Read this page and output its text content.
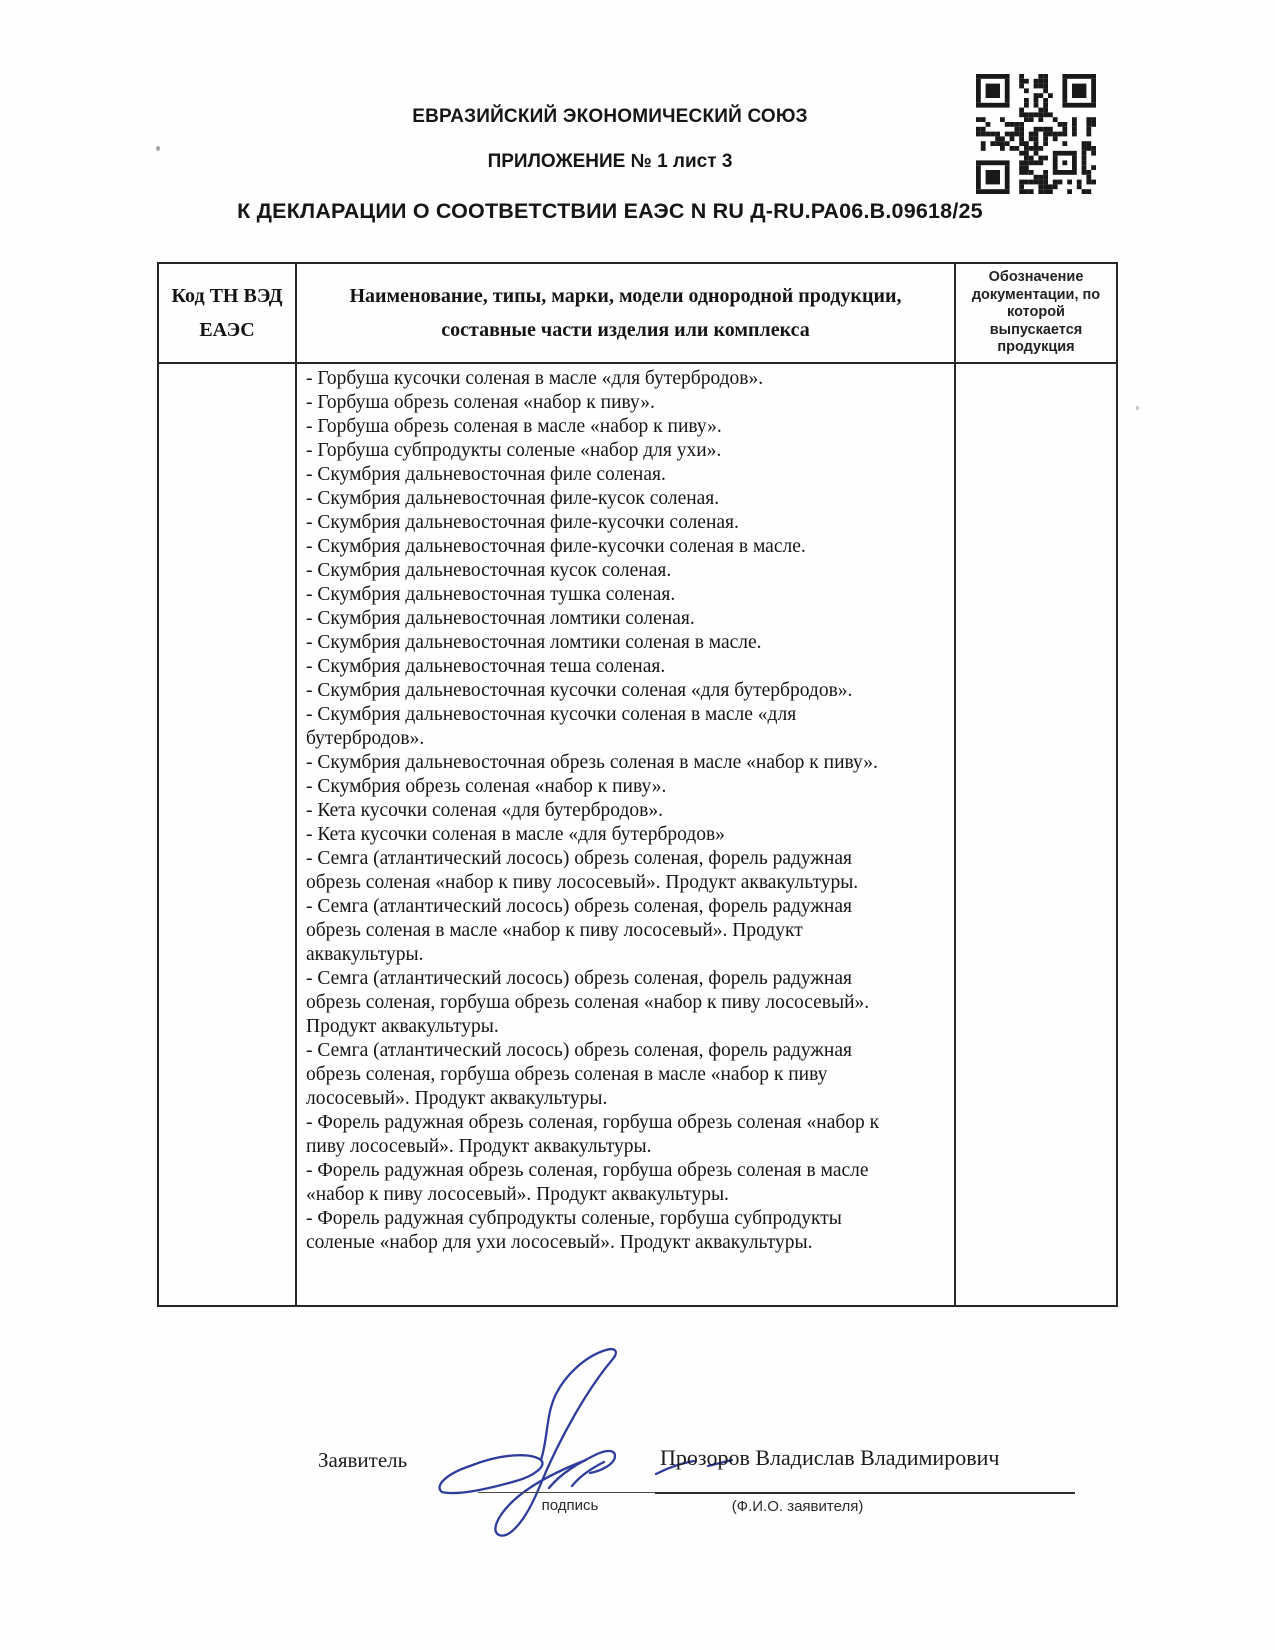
ЕВРАЗИЙСКИЙ ЭКОНОМИЧЕСКИЙ СОЮЗ
ПРИЛОЖЕНИЕ № 1 лист 3
К ДЕКЛАРАЦИИ О СООТВЕТСТВИИ ЕАЭС N RU Д-RU.РА06.В.09618/25
Код ТН ВЭД ЕАЭС
Наименование, типы, марки, модели однородной продукции, составные части изделия или комплекса
Обозначение документации, по которой выпускается продукция
- Горбуша кусочки соленая в масле «для бутербродов».
- Горбуша обрезь соленая «набор к пиву».
- Горбуша обрезь соленая в масле «набор к пиву».
- Горбуша субпродукты соленые «набор для ухи».
- Скумбрия дальневосточная филе соленая.
- Скумбрия дальневосточная филе-кусок соленая.
- Скумбрия дальневосточная филе-кусочки соленая.
- Скумбрия дальневосточная филе-кусочки соленая в масле.
- Скумбрия дальневосточная кусок соленая.
- Скумбрия дальневосточная тушка соленая.
- Скумбрия дальневосточная ломтики соленая.
- Скумбрия дальневосточная ломтики соленая в масле.
- Скумбрия дальневосточная теша соленая.
- Скумбрия дальневосточная кусочки соленая «для бутербродов».
- Скумбрия дальневосточная кусочки соленая в масле «для бутербродов».
- Скумбрия дальневосточная обрезь соленая в масле «набор к пиву».
- Скумбрия обрезь соленая «набор к пиву».
- Кета кусочки соленая «для бутербродов».
- Кета кусочки соленая в масле «для бутербродов»
- Семга (атлантический лосось) обрезь соленая, форель радужная обрезь соленая «набор к пиву лососевый». Продукт аквакультуры.
- Семга (атлантический лосось) обрезь соленая, форель радужная обрезь соленая в масле «набор к пиву лососевый». Продукт аквакультуры.
- Семга (атлантический лосось) обрезь соленая, форель радужная обрезь соленая, горбуша обрезь соленая «набор к пиву лососевый». Продукт аквакультуры.
- Семга (атлантический лосось) обрезь соленая, форель радужная обрезь соленая, горбуша обрезь соленая в масле «набор к пиву лососевый». Продукт аквакультуры.
- Форель радужная обрезь соленая, горбуша обрезь соленая «набор к пиву лососевый». Продукт аквакультуры.
- Форель радужная обрезь соленая, горбуша обрезь соленая в масле «набор к пиву лососевый». Продукт аквакультуры.
- Форель радужная субпродукты соленые, горбуша субпродукты соленые «набор для ухи лососевый». Продукт аквакультуры.
Заявитель
подпись
Прозоров Владислав Владимирович
(Ф.И.О. заявителя)
